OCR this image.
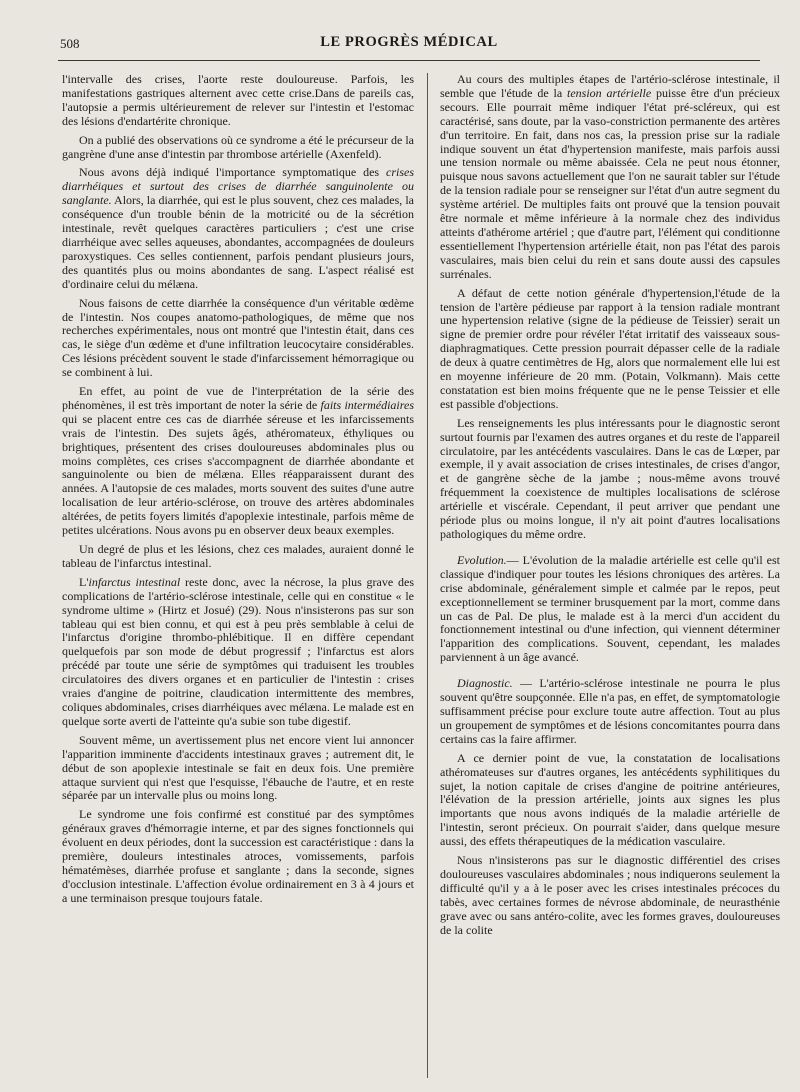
508	LE PROGRÈS MÉDICAL

l'intervalle des crises, l'aorte reste douloureuse. Parfois, les manifestations gastriques alternent avec cette crise.Dans de pareils cas, l'autopsie a permis ultérieurement de relever sur l'intestin et l'estomac des lésions d'endartérite chronique.

On a publié des observations où ce syndrome a été le précurseur de la gangrène d'une anse d'intestin par thrombose artérielle (Axenfeld).

Nous avons déjà indiqué l'importance symptomatique des crises diarrhéiques et surtout des crises de diarrhée sanguinolente ou sanglante. Alors, la diarrhée, qui est le plus souvent, chez ces malades, la conséquence d'un trouble bénin de la motricité ou de la sécrétion intestinale, revêt quelques caractères particuliers ; c'est une crise diarrhéique avec selles aqueuses, abondantes, accompagnées de douleurs paroxystiques. Ces selles contiennent, parfois pendant plusieurs jours, des quantités plus ou moins abondantes de sang. L'aspect réalisé est d'ordinaire celui du mélæna.

Nous faisons de cette diarrhée la conséquence d'un véritable œdème de l'intestin. Nos coupes anatomo-pathologiques, de même que nos recherches expérimentales, nous ont montré que l'intestin était, dans ces cas, le siège d'un œdème et d'une infiltration leucocytaire considérables. Ces lésions précèdent souvent le stade d'infarcissement hémorragique ou se combinent à lui.

En effet, au point de vue de l'interprétation de la série des phénomènes, il est très important de noter la série de faits intermédiaires qui se placent entre ces cas de diarrhée séreuse et les infarcissements vrais de l'intestin. Des sujets âgés, athéromateux, éthyliques ou brightiques, présentent des crises douloureuses abdominales plus ou moins complètes, ces crises s'accompagnent de diarrhée abondante et sanguinolente ou bien de mélæna. Elles réapparaissent durant des années. A l'autopsie de ces malades, morts souvent des suites d'une autre localisation de leur artério-sclérose, on trouve des artères abdominales altérées, de petits foyers limités d'apoplexie intestinale, parfois même de petites ulcérations. Nous avons pu en observer deux beaux exemples.

Un degré de plus et les lésions, chez ces malades, auraient donné le tableau de l'infarctus intestinal.

L'infarctus intestinal reste donc, avec la nécrose, la plus grave des complications de l'artério-sclérose intestinale, celle qui en constitue « le syndrome ultime » (Hirtz et Josué) (29). Nous n'insisterons pas sur son tableau qui est bien connu, et qui est à peu près semblable à celui de l'infarctus d'origine thrombo-phlébitique. Il en diffère cependant quelquefois par son mode de début progressif ; l'infarctus est alors précédé par toute une série de symptômes qui traduisent les troubles circulatoires des divers organes et en particulier de l'intestin : crises vraies d'angine de poitrine, claudication intermittente des membres, coliques abdominales, crises diarrhéiques avec mélæna. Le malade est en quelque sorte averti de l'atteinte qu'a subie son tube digestif.

Souvent même, un avertissement plus net encore vient lui annoncer l'apparition imminente d'accidents intestinaux graves ; autrement dit, le début de son apoplexie intestinale se fait en deux fois. Une première attaque survient qui n'est que l'esquisse, l'ébauche de l'autre, et en reste séparée par un intervalle plus ou moins long.

Le syndrome une fois confirmé est constitué par des symptômes généraux graves d'hémorragie interne, et par des signes fonctionnels qui évoluent en deux périodes, dont la succession est caractéristique : dans la première, douleurs intestinales atroces, vomissements, parfois hématémèses, diarrhée profuse et sanglante ; dans la seconde, signes d'occlusion intestinale. L'affection évolue ordinairement en 3 à 4 jours et a une terminaison presque toujours fatale.

Au cours des multiples étapes de l'artério-sclérose intestinale, il semble que l'étude de la tension artérielle puisse être d'un précieux secours. Elle pourrait même indiquer l'état pré-scléreux, qui est caractérisé, sans doute, par la vaso-constriction permanente des artères d'un territoire. En fait, dans nos cas, la pression prise sur la radiale indique souvent un état d'hypertension manifeste, mais parfois aussi une tension normale ou même abaissée. Cela ne peut nous étonner, puisque nous savons actuellement que l'on ne saurait tabler sur l'étude de la tension radiale pour se renseigner sur l'état d'un autre segment du système artériel. De multiples faits ont prouvé que la tension pouvait être normale et même inférieure à la normale chez des individus atteints d'athérome artériel ; que d'autre part, l'élément qui conditionne essentiellement l'hypertension artérielle était, non pas l'état des parois vasculaires, mais bien celui du rein et sans doute aussi des capsules surrénales.

A défaut de cette notion générale d'hypertension,l'étude de la tension de l'artère pédieuse par rapport à la tension radiale montrant une hypertension relative (signe de la pédieuse de Teissier) serait un signe de premier ordre pour révéler l'état irritatif des vaisseaux sous-diaphragmatiques. Cette pression pourrait dépasser celle de la radiale de deux à quatre centimètres de Hg, alors que normalement elle lui est en moyenne inférieure de 20 mm. (Potain, Volkmann). Mais cette constatation est bien moins fréquente que ne le pense Teissier et elle est passible d'objections.

Les renseignements les plus intéressants pour le diagnostic seront surtout fournis par l'examen des autres organes et du reste de l'appareil circulatoire, par les antécédents vasculaires. Dans le cas de Lœper, par exemple, il y avait association de crises intestinales, de crises d'angor, et de gangrène sèche de la jambe ; nous-même avons trouvé fréquemment la coexistence de multiples localisations de sclérose artérielle et viscérale. Cependant, il peut arriver que pendant une période plus ou moins longue, il n'y ait point d'autres localisations pathologiques du même ordre.

Evolution.— L'évolution de la maladie artérielle est celle qu'il est classique d'indiquer pour toutes les lésions chroniques des artères. La crise abdominale, généralement simple et calmée par le repos, peut exceptionnellement se terminer brusquement par la mort, comme dans un cas de Pal. De plus, le malade est à la merci d'un accident du fonctionnement intestinal ou d'une infection, qui viennent déterminer l'apparition des complications. Souvent, cependant, les malades parviennent à un âge avancé.

Diagnostic. — L'artério-sclérose intestinale ne pourra le plus souvent qu'être soupçonnée. Elle n'a pas, en effet, de symptomatologie suffisamment précise pour exclure toute autre affection. Tout au plus un groupement de symptômes et de lésions concomitantes pourra dans certains cas la faire affirmer.

A ce dernier point de vue, la constatation de localisations athéromateuses sur d'autres organes, les antécédents syphilitiques du sujet, la notion capitale de crises d'angine de poitrine antérieures, l'élévation de la pression artérielle, joints aux signes les plus importants que nous avons indiqués de la maladie artérielle de l'intestin, seront précieux. On pourrait s'aider, dans quelque mesure aussi, des effets thérapeutiques de la médication vasculaire.

Nous n'insisterons pas sur le diagnostic différentiel des crises douloureuses vasculaires abdominales ; nous indiquerons seulement la difficulté qu'il y a à le poser avec les crises intestinales précoces du tabès, avec certaines formes de névrose abdominale, de neurasthénie grave avec ou sans antéro-colite, avec les formes graves, douloureuses de la colite
